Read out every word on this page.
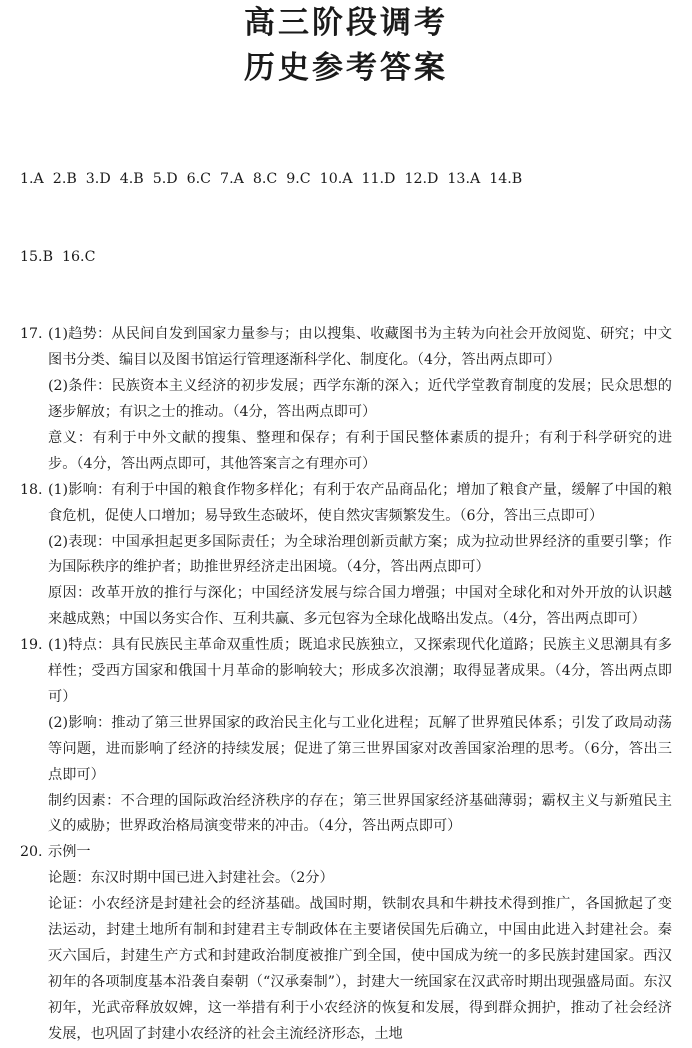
高三阶段调考
历史参考答案

1.A  2.B  3.D  4.B  5.D  6.C  7.A  8.C  9.C  10.A  11.D  12.D  13.A  14.B

15.B  16.C

17. (1)趋势：从民间自发到国家力量参与；由以搜集、收藏图书为主转为向社会开放阅览、研究；中文图书分类、编目以及图书馆运行管理逐渐科学化、制度化。（4分，答出两点即可）

(2)条件：民族资本主义经济的初步发展；西学东渐的深入；近代学堂教育制度的发展；民众思想的逐步解放；有识之士的推动。（4分，答出两点即可）

意义：有利于中外文献的搜集、整理和保存；有利于国民整体素质的提升；有利于科学研究的进步。（4分，答出两点即可，其他答案言之有理亦可）

18. (1)影响：有利于中国的粮食作物多样化；有利于农产品商品化；增加了粮食产量，缓解了中国的粮食危机，促使人口增加；易导致生态破坏，使自然灾害频繁发生。（6分，答出三点即可）

(2)表现：中国承担起更多国际责任；为全球治理创新贡献方案；成为拉动世界经济的重要引擎；作为国际秩序的维护者；助推世界经济走出困境。（4分，答出两点即可）

原因：改革开放的推行与深化；中国经济发展与综合国力增强；中国对全球化和对外开放的认识越来越成熟；中国以务实合作、互利共赢、多元包容为全球化战略出发点。（4分，答出两点即可）

19. (1)特点：具有民族民主革命双重性质；既追求民族独立，又探索现代化道路；民族主义思潮具有多样性；受西方国家和俄国十月革命的影响较大；形成多次浪潮；取得显著成果。（4分，答出两点即可）

(2)影响：推动了第三世界国家的政治民主化与工业化进程；瓦解了世界殖民体系；引发了政局动荡等问题，进而影响了经济的持续发展；促进了第三世界国家对改善国家治理的思考。（6分，答出三点即可）

制约因素：不合理的国际政治经济秩序的存在；第三世界国家经济基础薄弱；霸权主义与新殖民主义的威胁；世界政治格局演变带来的冲击。（4分，答出两点即可）

20. 示例一

论题：东汉时期中国已进入封建社会。（2分）

论证：小农经济是封建社会的经济基础。战国时期，铁制农具和牛耕技术得到推广，各国掀起了变法运动，封建土地所有制和封建君主专制政体在主要诸侯国先后确立，中国由此进入封建社会。秦灭六国后，封建生产方式和封建政治制度被推广到全国，使中国成为统一的多民族封建国家。西汉初年的各项制度基本沿袭自秦朝（“汉承秦制”），封建大一统国家在汉武帝时期出现强盛局面。东汉初年，光武帝释放奴婢，这一举措有利于小农经济的恢复和发展，得到群众拥护，推动了社会经济发展，也巩固了封建小农经济的社会主流经济形态，土地
